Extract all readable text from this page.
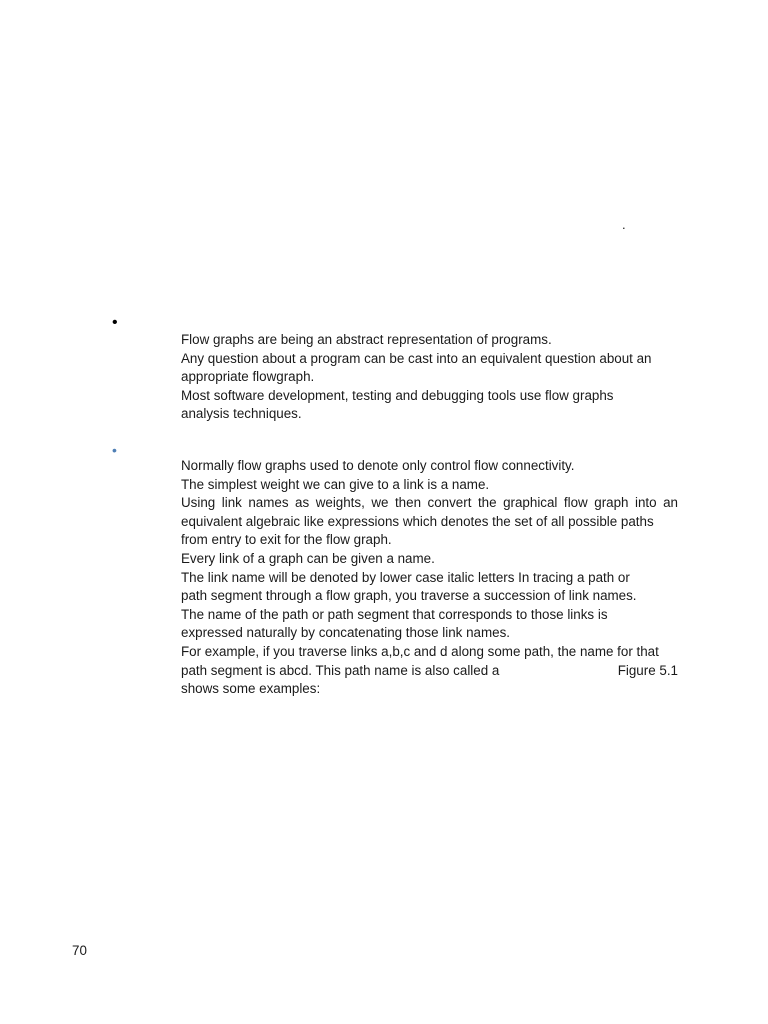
.
•
Flow graphs are being an abstract representation of programs.
Any question about a program can be cast into an equivalent question about an
appropriate flowgraph.
Most software development, testing and debugging tools use flow graphs
analysis techniques.
•
Normally flow graphs used to denote only control flow connectivity.
The simplest weight we can give to a link is a name.
Using link names as weights, we then convert the graphical flow graph into an equivalent algebraic like expressions which denotes the set of all possible paths
from entry to exit for the flow graph.
Every link of a graph can be given a name.
The link name will be denoted by lower case italic letters In tracing a path or
path segment through a flow graph, you traverse a succession of link names.
The name of the path or path segment that corresponds to those links is
expressed naturally by concatenating those link names.
For example, if you traverse links a,b,c and d along some path, the name for that
path segment is abcd. This path name is also called a	Figure 5.1
shows some examples:
70
